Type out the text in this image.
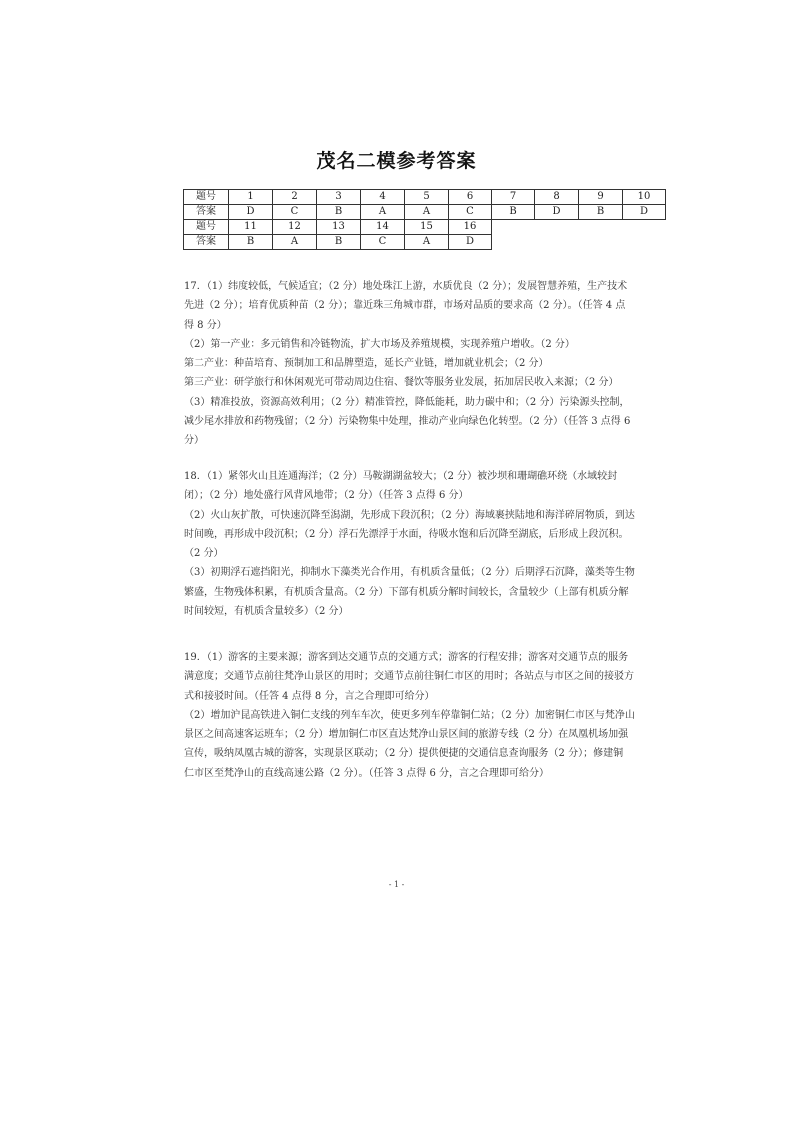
茂名二模参考答案
题号	1	2	3	4	5	6	7	8	9	10
答案	D	C	B	A	A	C	B	D	B	D
题号	11	12	13	14	15	16				
答案	B	A	B	C	A	D				

17．（1）纬度较低，气候适宜；（2 分）地处珠江上游，水质优良（2 分）；发展智慧养殖，生产技术

先进（2 分）；培育优质种苗（2 分）；靠近珠三角城市群，市场对品质的要求高（2 分）。（任答 4 点

得 8 分）

（2）第一产业：多元销售和冷链物流，扩大市场及养殖规模，实现养殖户增收。（2 分）

第二产业：种苗培育、预制加工和品牌塑造，延长产业链，增加就业机会；（2 分）

第三产业：研学旅行和休闲观光可带动周边住宿、餐饮等服务业发展，拓加居民收入来源；（2 分）

（3）精准投放，资源高效利用；（2 分）精准管控，降低能耗，助力碳中和；（2 分）污染源头控制，

减少尾水排放和药物残留；（2 分）污染物集中处理，推动产业向绿色化转型。（2 分）（任答 3 点得 6

分）

18．（1）紧邻火山且连通海洋；（2 分）马鞍湖湖盆较大；（2 分）被沙坝和珊瑚礁环绕（水域较封

闭）；（2 分）地处盛行风背风地带；（2 分）（任答 3 点得 6 分）

（2）火山灰扩散，可快速沉降至潟湖，先形成下段沉积；（2 分）海域裹挟陆地和海洋碎屑物质，到达

时间晚，再形成中段沉积；（2 分）浮石先漂浮于水面，待吸水饱和后沉降至湖底，后形成上段沉积。

（2 分）

（3）初期浮石遮挡阳光，抑制水下藻类光合作用，有机质含量低；（2 分）后期浮石沉降，藻类等生物

繁盛，生物残体积累，有机质含量高。（2 分）下部有机质分解时间较长，含量较少（上部有机质分解

时间较短，有机质含量较多）（2 分）

19．（1）游客的主要来源；游客到达交通节点的交通方式；游客的行程安排；游客对交通节点的服务

满意度；交通节点前往梵净山景区的用时；交通节点前往铜仁市区的用时；各站点与市区之间的接驳方

式和接驳时间。（任答 4 点得 8 分，言之合理即可给分）

（2）增加沪昆高铁进入铜仁支线的列车车次，使更多列车停靠铜仁站；（2 分）加密铜仁市区与梵净山

景区之间高速客运班车；（2 分）增加铜仁市区直达梵净山景区间的旅游专线（2 分）在凤凰机场加强

宣传，吸纳凤凰古城的游客，实现景区联动；（2 分）提供便捷的交通信息查询服务（2 分）；修建铜

仁市区至梵净山的直线高速公路（2 分）。（任答 3 点得 6 分，言之合理即可给分）

- 1 -
